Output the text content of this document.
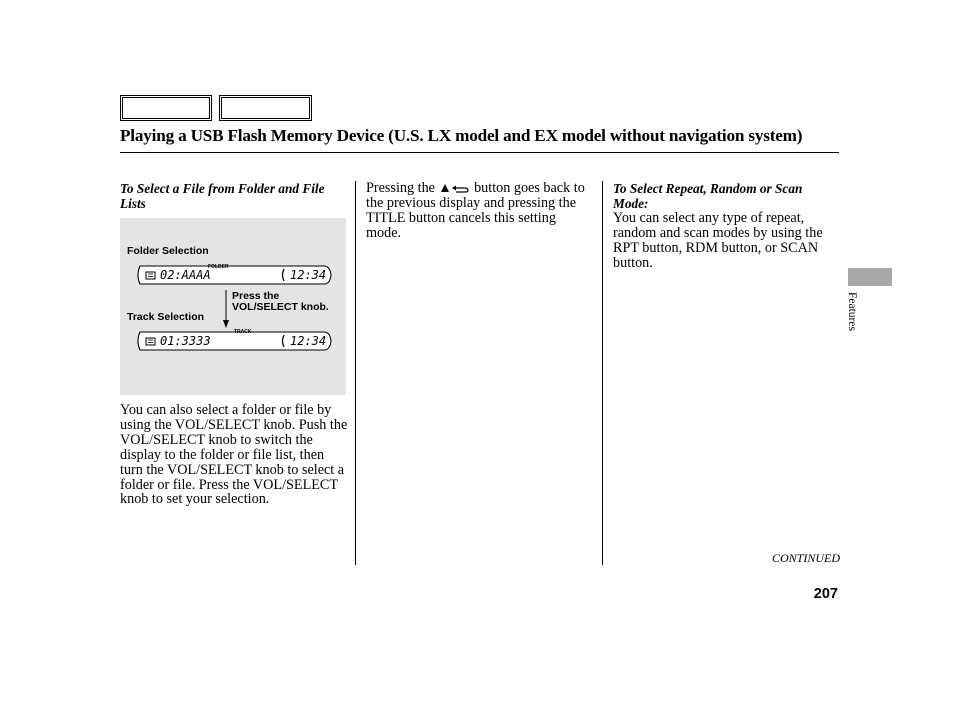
Playing a USB Flash Memory Device (U.S. LX model and EX model without navigation system)
To Select a File from Folder and File Lists
Folder Selection
02:AAAA	12:34
FOLDER
Press the
VOL/SELECT knob.
Track Selection
01:3333	12:34
TRACK
You can also select a folder or file by using the VOL/SELECT knob. Push the VOL/SELECT knob to switch the display to the folder or file list, then turn the VOL/SELECT knob to select a folder or file. Press the VOL/SELECT knob to set your selection.
Pressing the	button goes back to the previous display and pressing the TITLE button cancels this setting mode.
To Select Repeat, Random or Scan Mode:
You can select any type of repeat, random and scan modes by using the RPT button, RDM button, or SCAN button.
Features
CONTINUED
207
